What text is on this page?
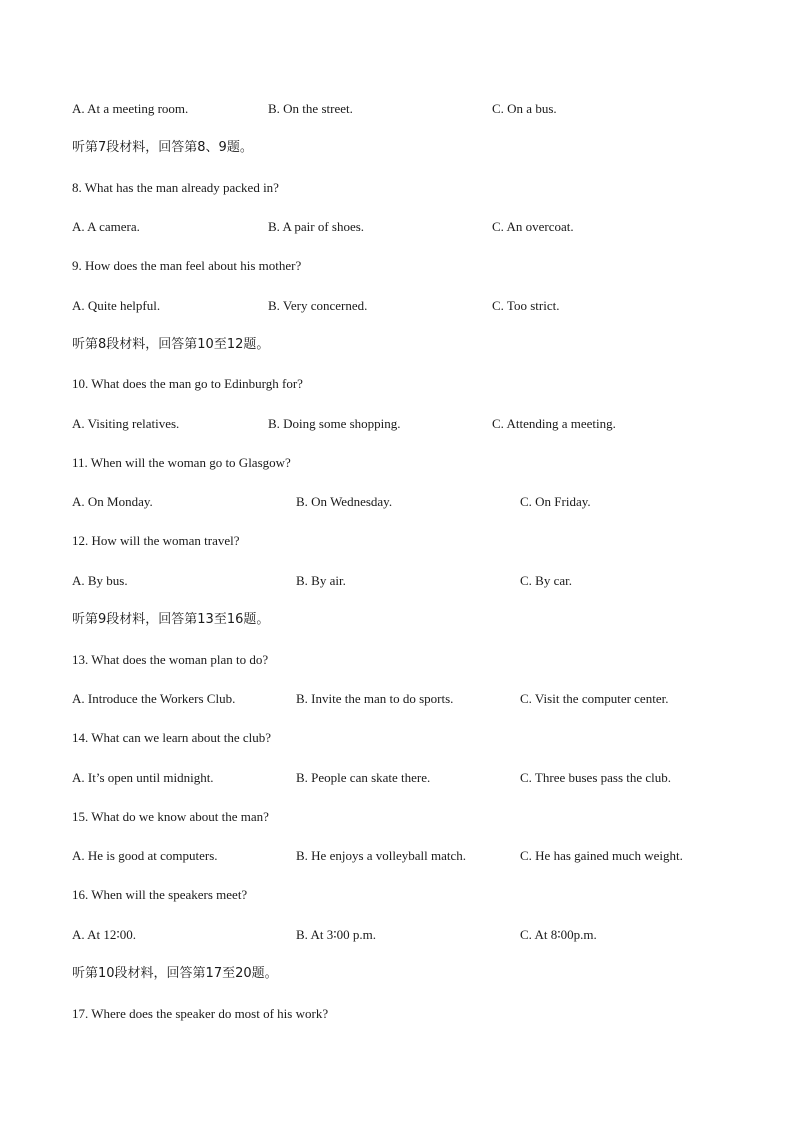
A. At a meeting room.	B. On the street.	C. On a bus.
听第7段材料，回答第8、9题。
8. What has the man already packed in?
A. A camera.	B. A pair of shoes.	C. An overcoat.
9. How does the man feel about his mother?
A. Quite helpful.	B. Very concerned.	C. Too strict.
听第8段材料，回答第10至12题。
10. What does the man go to Edinburgh for?
A. Visiting relatives.	B. Doing some shopping.	C. Attending a meeting.
11. When will the woman go to Glasgow?
A. On Monday.	B. On Wednesday.	C. On Friday.
12. How will the woman travel?
A. By bus.	B. By air.	C. By car.
听第9段材料，回答第13至16题。
13. What does the woman plan to do?
A. Introduce the Workers Club.	B. Invite the man to do sports.	C. Visit the computer center.
14. What can we learn about the club?
A. It’s open until midnight.	B. People can skate there.	C. Three buses pass the club.
15. What do we know about the man?
A. He is good at computers.	B. He enjoys a volleyball match.	C. He has gained much weight.
16. When will the speakers meet?
A. At 12∶00.	B. At 3∶00 p.m.	C. At 8∶00p.m.
听第10段材料，回答第17至20题。
17. Where does the speaker do most of his work?
